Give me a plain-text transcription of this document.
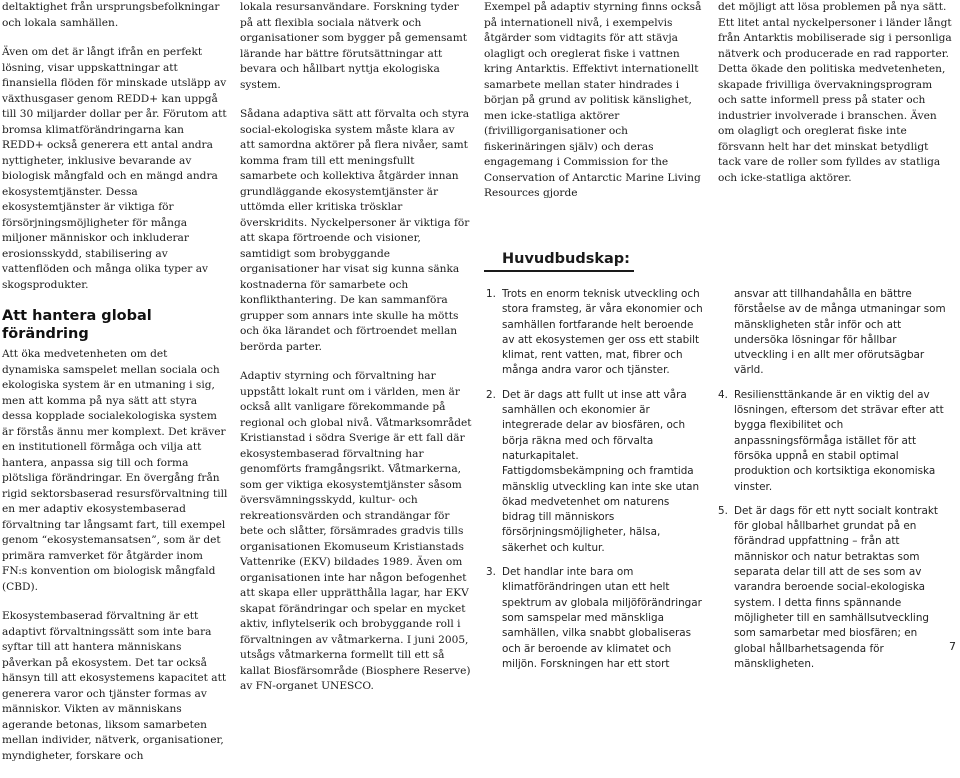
deltaktighet från ursprungsbefolkningar och lokala samhällen.

Även om det är långt ifrån en perfekt lösning, visar uppskattningar att finansiella flöden för minskade utsläpp av växthusgaser genom REDD+ kan uppgå till 30 miljarder dollar per år. Förutom att bromsa klimatförändringarna kan REDD+ också generera ett antal andra nyttigheter, inklusive bevarande av biologisk mångfald och en mängd andra ekosystemtjänster. Dessa ekosystemtjänster är viktiga för försörjningsmöjligheter för många miljoner människor och inkluderar erosionsskydd, stabilisering av vattenflöden och många olika typer av skogsprodukter.

Att hantera global förändring

Att öka medvetenheten om det dynamiska samspelet mellan sociala och ekologiska system är en utmaning i sig, men att komma på nya sätt att styra dessa kopplade socialekologiska system är förstås ännu mer komplext. Det kräver en institutionell förmåga och vilja att hantera, anpassa sig till och forma plötsliga förändringar. En övergång från rigid sektorsbaserad resursförvaltning till en mer adaptiv ekosystembaserad förvaltning tar långsamt fart, till exempel genom “ekosystemansatsen”, som är det primära ramverket för åtgärder inom FN:s konvention om biologisk mångfald (CBD).

Ekosystembaserad förvaltning är ett adaptivt förvaltningssätt som inte bara syftar till att hantera människans påverkan på ekosystem. Det tar också hänsyn till att ekosystemens kapacitet att generera varor och tjänster formas av människor. Vikten av människans agerande betonas, liksom samarbeten mellan individer, nätverk, organisationer, myndigheter, forskare och

lokala resursanvändare. Forskning tyder på att flexibla sociala nätverk och organisationer som bygger på gemensamt lärande har bättre förutsättningar att bevara och hållbart nyttja ekologiska system.

Sådana adaptiva sätt att förvalta och styra social-ekologiska system måste klara av att samordna aktörer på flera nivåer, samt komma fram till ett meningsfullt samarbete och kollektiva åtgärder innan grundläggande ekosystemtjänster är uttömda eller kritiska trösklar överskridits. Nyckelpersoner är viktiga för att skapa förtroende och visioner, samtidigt som brobyggande organisationer har visat sig kunna sänka kostnaderna för samarbete och konflikthantering. De kan sammanföra grupper som annars inte skulle ha mötts och öka lärandet och förtroendet mellan berörda parter.

Adaptiv styrning och förvaltning har uppstått lokalt runt om i världen, men är också allt vanligare förekommande på regional och global nivå. Våtmarksområdet Kristianstad i södra Sverige är ett fall där ekosystembaserad förvaltning har genomförts framgångsrikt. Våtmarkerna, som ger viktiga ekosystemtjänster såsom översvämningsskydd, kultur- och rekreationsvärden och strandängar för bete och slåtter, försämrades gradvis tills organisationen Ekomuseum Kristianstads Vattenrike (EKV) bildades 1989. Även om organisationen inte har någon befogenhet att skapa eller upprätthålla lagar, har EKV skapat förändringar och spelar en mycket aktiv, inflytelserik och brobyggande roll i förvaltningen av våtmarkerna. I juni 2005, utsågs våtmarkerna formellt till ett så kallat Biosfärsområde (Biosphere Reserve) av FN-organet UNESCO.

Exempel på adaptiv styrning finns också på internationell nivå, i exempelvis åtgärder som vidtagits för att stävja olagligt och oreglerat fiske i vattnen kring Antarktis. Effektivt internationellt samarbete mellan stater hindrades i början på grund av politisk känslighet, men icke-statliga aktörer (frivilligorganisationer och fiskerinäringen själv) och deras engagemang i Commission for the Conservation of Antarctic Marine Living Resources gjorde

det möjligt att lösa problemen på nya sätt. Ett litet antal nyckelpersoner i länder långt från Antarktis mobiliserade sig i personliga nätverk och producerade en rad rapporter. Detta ökade den politiska medvetenheten, skapade frivilliga övervakningsprogram och satte informell press på stater och industrier involverade i branschen. Även om olagligt och oreglerat fiske inte försvann helt har det minskat betydligt tack vare de roller som fylldes av statliga och icke-statliga aktörer.

Huvudbudskap:
1. Trots en enorm teknisk utveckling och stora framsteg, är våra ekonomier och samhällen fortfarande helt beroende av att ekosystemen ger oss ett stabilt klimat, rent vatten, mat, fibrer och många andra varor och tjänster.
2. Det är dags att fullt ut inse att våra samhällen och ekonomier är integrerade delar av biosfären, och börja räkna med och förvalta naturkapitalet. Fattigdomsbekämpning och framtida mänsklig utveckling kan inte ske utan ökad medvetenhet om naturens bidrag till människors försörjningsmöjligheter, hälsa, säkerhet och kultur.
3. Det handlar inte bara om klimatförändringen utan ett helt spektrum av globala miljöförändringar som samspelar med mänskliga samhällen, vilka snabbt globaliseras och är beroende av klimatet och miljön. Forskningen har ett stort
ansvar att tillhandahålla en bättre förståelse av de många utmaningar som mänskligheten står inför och att undersöka lösningar för hållbar utveckling i en allt mer oförutsägbar värld.
4. Resiliensttänkande är en viktig del av lösningen, eftersom det strävar efter att bygga flexibilitet och anpassningsförmåga istället för att försöka uppnå en stabil optimal produktion och kortsiktiga ekonomiska vinster.
5. Det är dags för ett nytt socialt kontrakt för global hållbarhet grundat på en förändrad uppfattning – från att människor och natur betraktas som separata delar till att de ses som av varandra beroende social-ekologiska system. I detta finns spännande möjligheter till en samhällsutveckling som samarbetar med biosfären; en global hållbarhetsagenda för mänskligheten.
7
